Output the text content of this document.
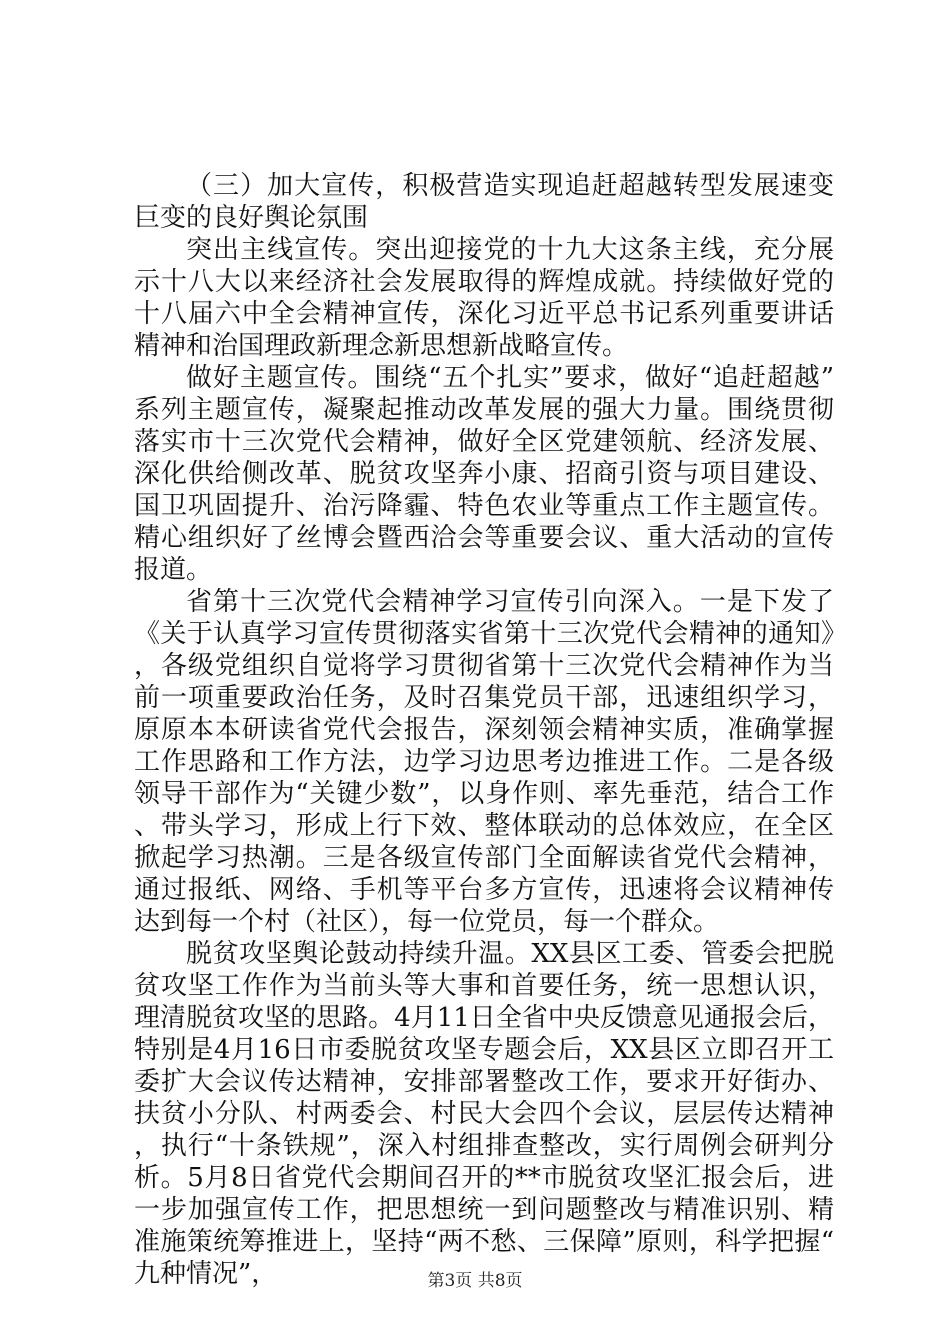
（三）加大宣传，积极营造实现追赶超越转型发展速变巨变的良好舆论氛围

突出主线宣传。突出迎接党的十九大这条主线，充分展示十八大以来经济社会发展取得的辉煌成就。持续做好党的十八届六中全会精神宣传，深化习近平总书记系列重要讲话精神和治国理政新理念新思想新战略宣传。

做好主题宣传。围绕“五个扎实”要求，做好“追赶超越”系列主题宣传，凝聚起推动改革发展的强大力量。围绕贯彻落实市十三次党代会精神，做好全区党建领航、经济发展、深化供给侧改革、脱贫攻坚奔小康、招商引资与项目建设、国卫巩固提升、治污降霾、特色农业等重点工作主题宣传。精心组织好了丝博会暨西洽会等重要会议、重大活动的宣传报道。

省第十三次党代会精神学习宣传引向深入。一是下发了《关于认真学习宣传贯彻落实省第十三次党代会精神的通知》，各级党组织自觉将学习贯彻省第十三次党代会精神作为当前一项重要政治任务，及时召集党员干部，迅速组织学习，原原本本研读省党代会报告，深刻领会精神实质，准确掌握工作思路和工作方法，边学习边思考边推进工作。二是各级领导干部作为“关键少数”，以身作则、率先垂范，结合工作、带头学习，形成上行下效、整体联动的总体效应，在全区掀起学习热潮。三是各级宣传部门全面解读省党代会精神，通过报纸、网络、手机等平台多方宣传，迅速将会议精神传达到每一个村（社区），每一位党员，每一个群众。

脱贫攻坚舆论鼓动持续升温。XX县区工委、管委会把脱贫攻坚工作作为当前头等大事和首要任务，统一思想认识，理清脱贫攻坚的思路。4月11日全省中央反馈意见通报会后，特别是4月16日市委脱贫攻坚专题会后，XX县区立即召开工委扩大会议传达精神，安排部署整改工作，要求开好街办、扶贫小分队、村两委会、村民大会四个会议，层层传达精神，执行“十条铁规”，深入村组排查整改，实行周例会研判分析。5月8日省党代会期间召开的**市脱贫攻坚汇报会后，进一步加强宣传工作，把思想统一到问题整改与精准识别、精准施策统筹推进上，坚持“两不愁、三保障”原则，科学把握“九种情况”，	第3页 共8页
